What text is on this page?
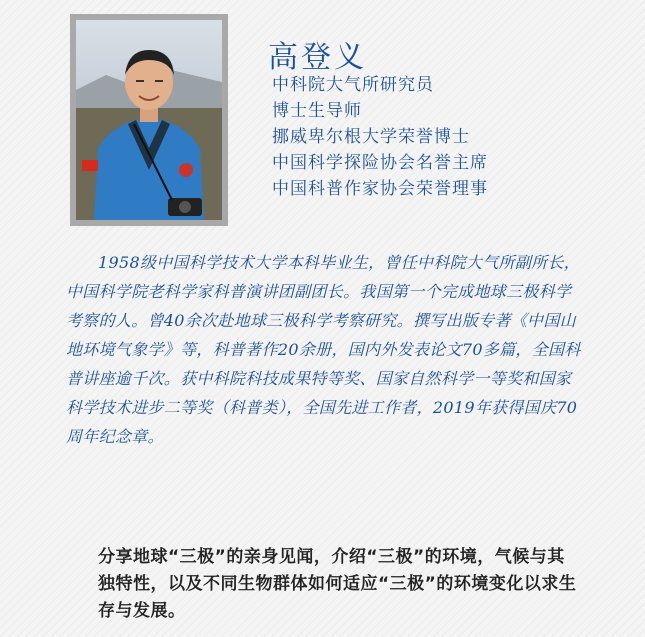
高登义
中科院大气所研究员
博士生导师
挪威卑尔根大学荣誉博士
中国科学探险协会名誉主席
中国科普作家协会荣誉理事

1958级中国科学技术大学本科毕业生，曾任中科院大气所副所长，中国科学院老科学家科普演讲团副团长。我国第一个完成地球三极科学考察的人。曾40余次赴地球三极科学考察研究。撰写出版专著《中国山地环境气象学》等，科普著作20余册，国内外发表论文70多篇，全国科普讲座逾千次。获中科院科技成果特等奖、国家自然科学一等奖和国家科学技术进步二等奖（科普类），全国先进工作者，2019年获得国庆70周年纪念章。

分享地球“三极”的亲身见闻，介绍“三极”的环境，气候与其独特性，以及不同生物群体如何适应“三极”的环境变化以求生存与发展。
